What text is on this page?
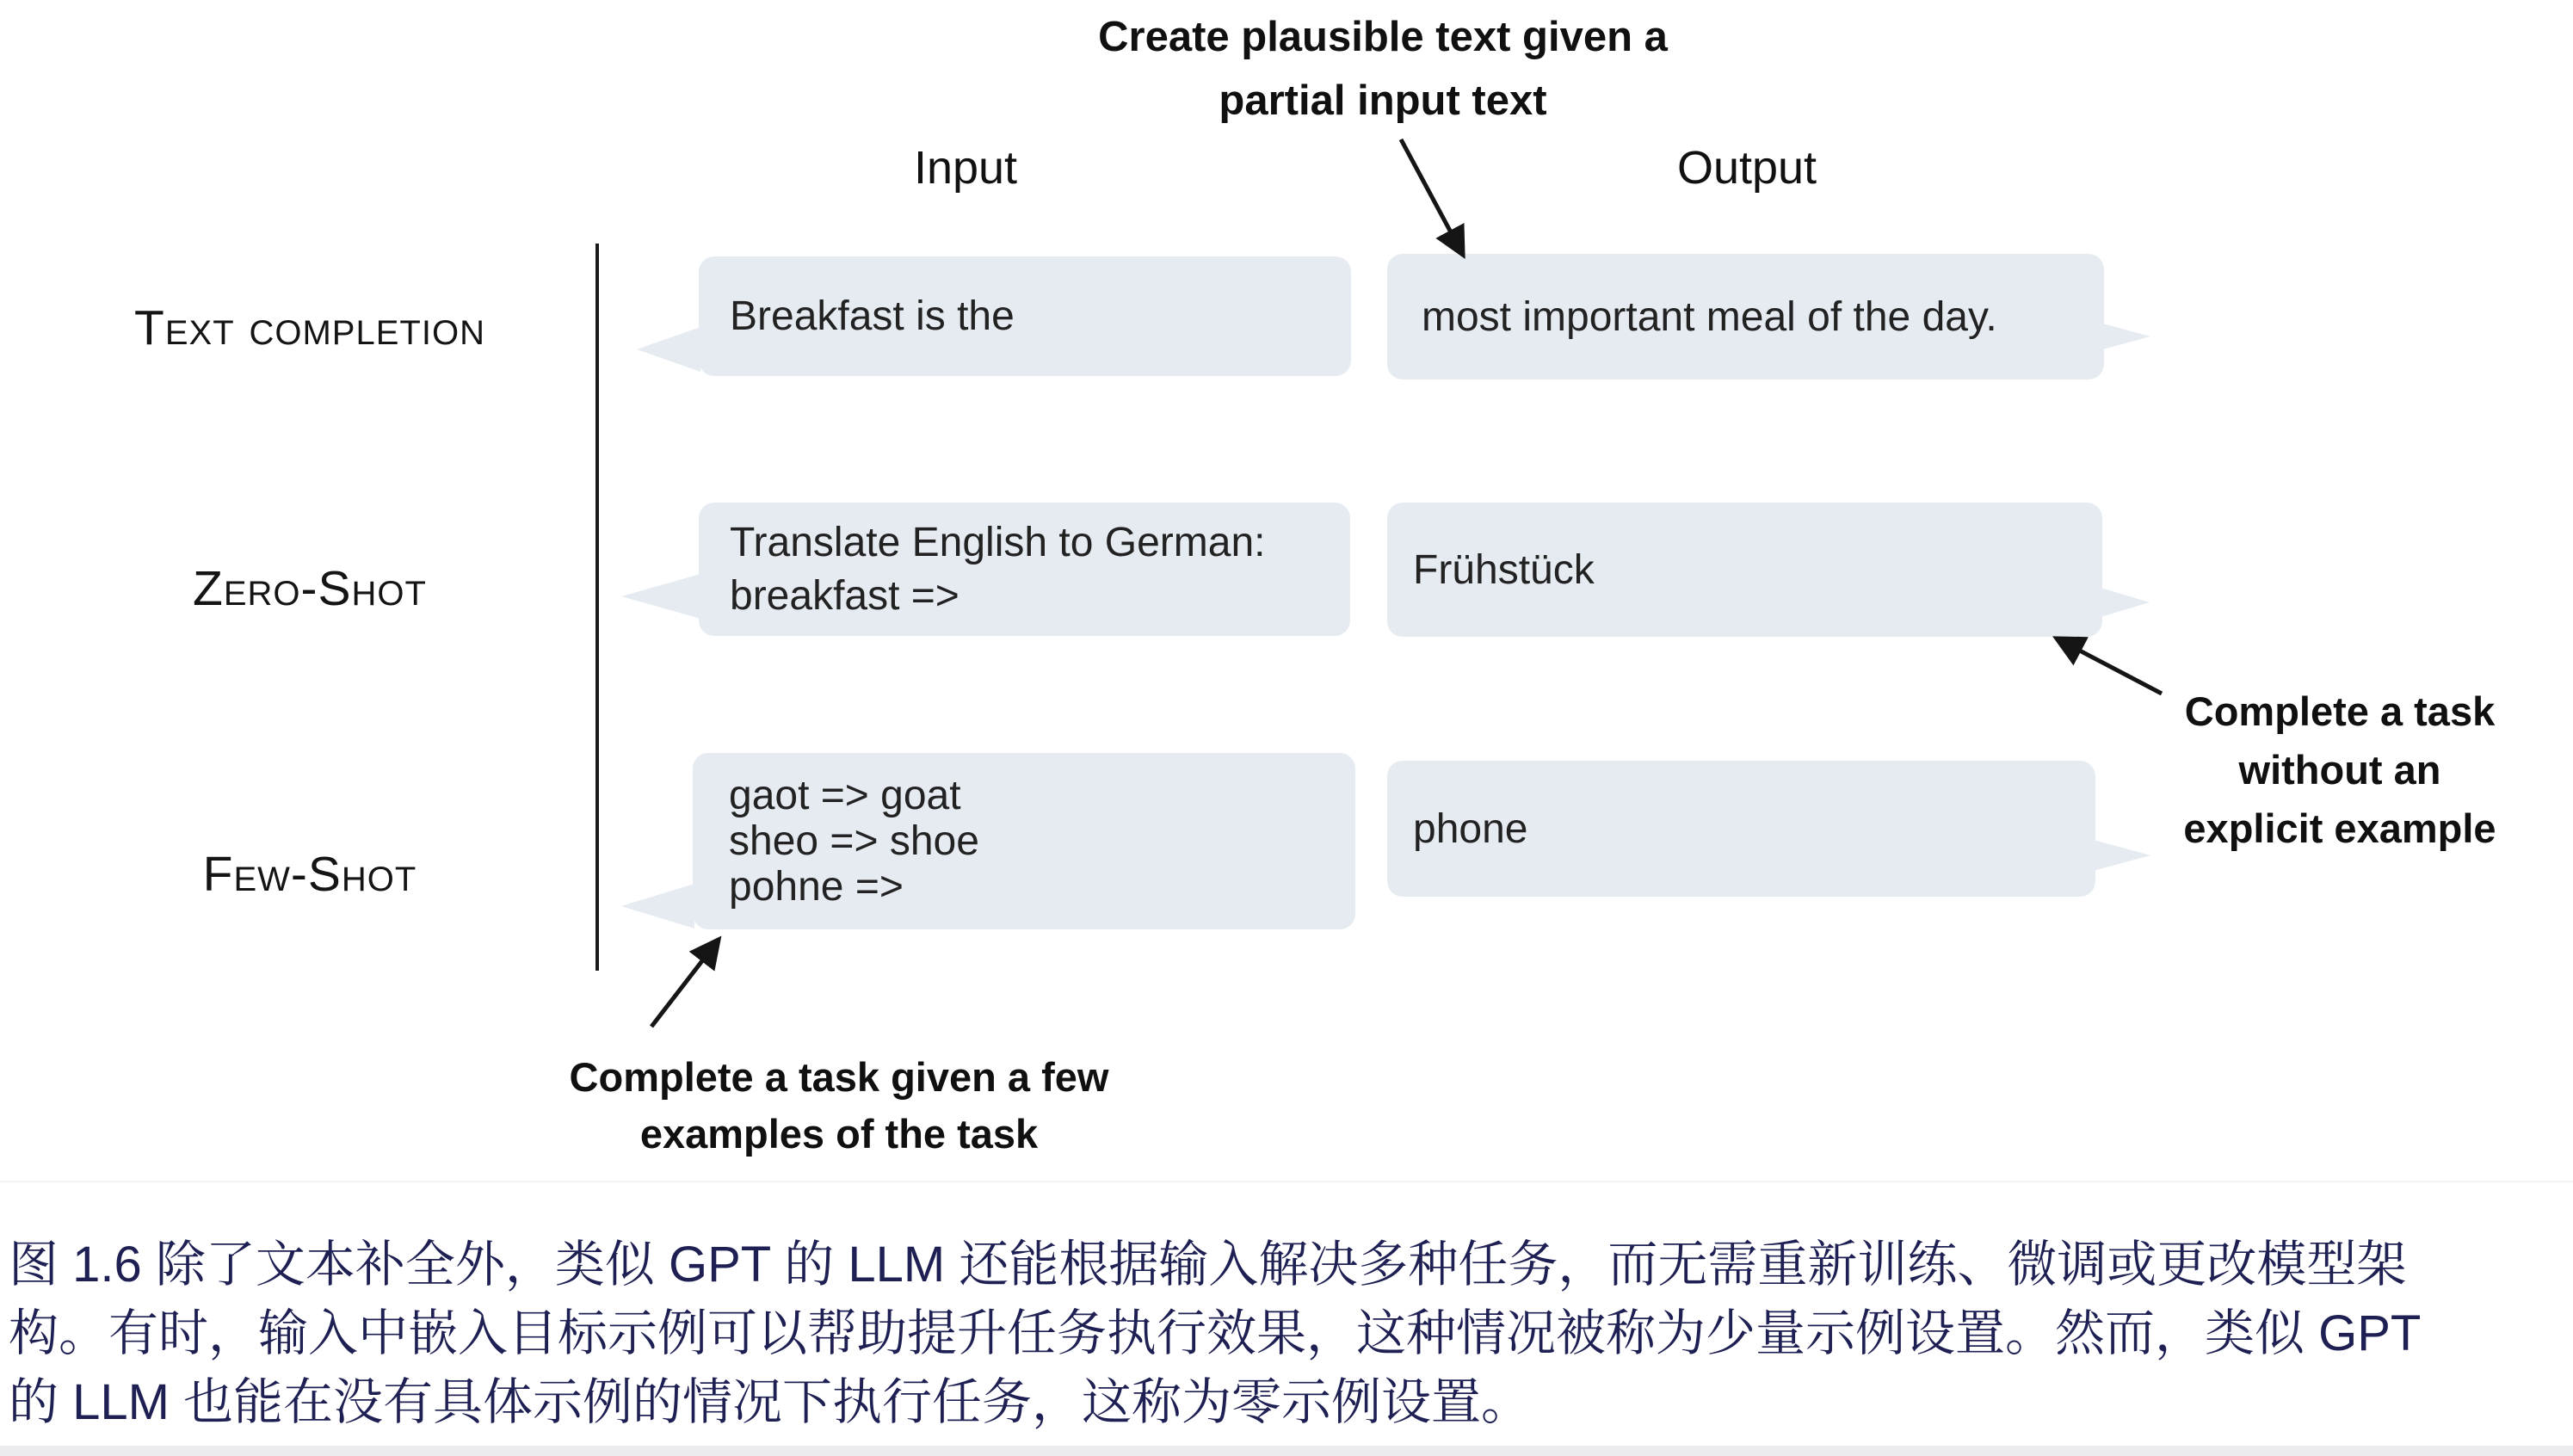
Create plausible text given a
partial input text
Input	Output
Text completion
Zero-Shot
Few-Shot
Breakfast is the	most important meal of the day.
Translate English to German:
breakfast =>
Frühstück
gaot => goat
sheo => shoe
pohne =>
phone
Complete a task
without an
explicit example
Complete a task given a few
examples of the task
图 1.6 除了文本补全外，类似 GPT 的 LLM 还能根据输入解决多种任务，而无需重新训练、微调或更改模型架
构。有时，输入中嵌入目标示例可以帮助提升任务执行效果，这种情况被称为少量示例设置。然而，类似 GPT
的 LLM 也能在没有具体示例的情况下执行任务，这称为零示例设置。
